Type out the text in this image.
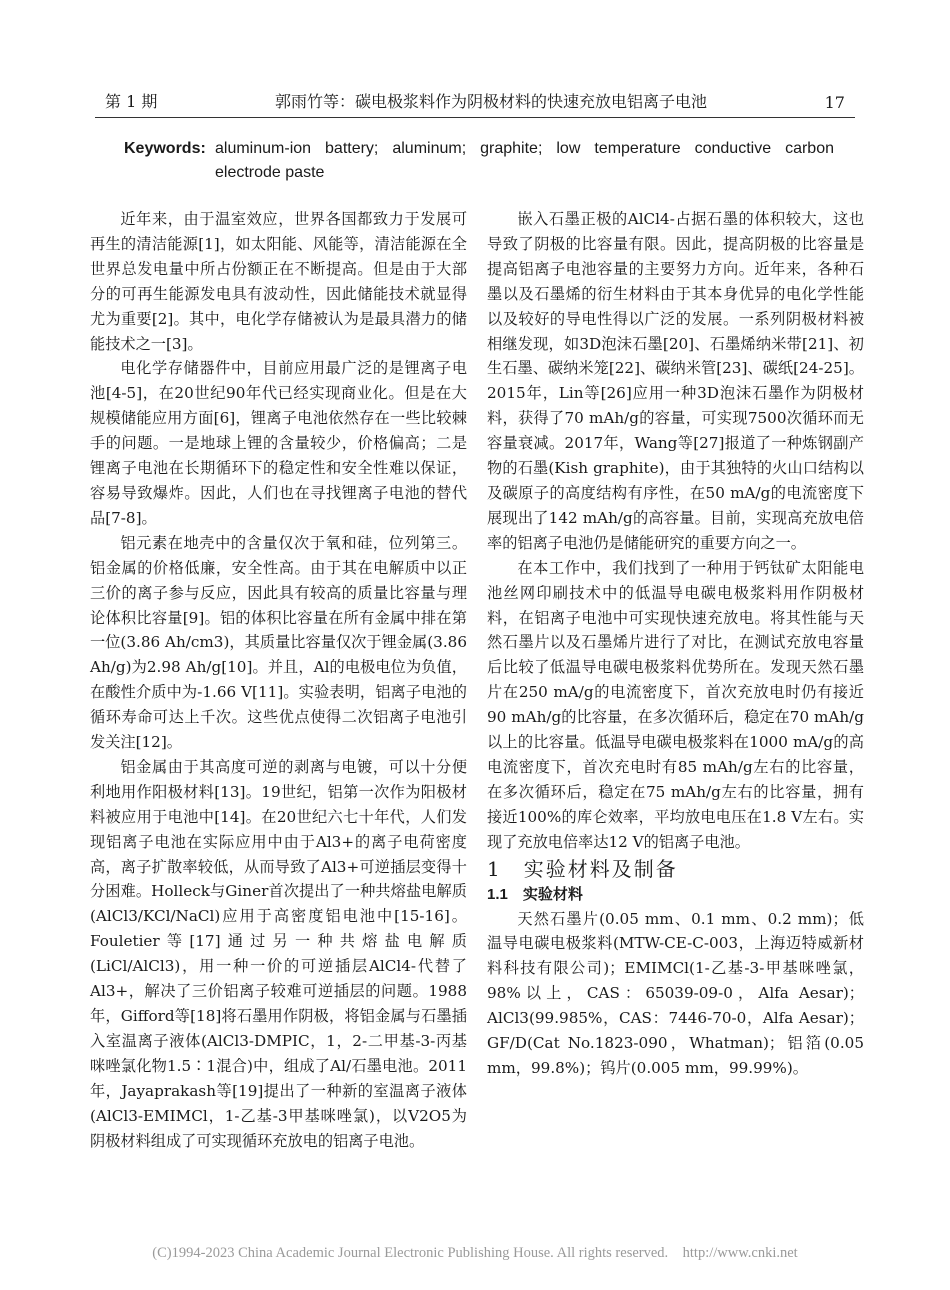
第 1 期	郭雨竹等：碳电极浆料作为阴极材料的快速充放电铝离子电池	17
Keywords: aluminum-ion battery; aluminum; graphite; low temperature conductive carbon electrode paste

近年来，由于温室效应，世界各国都致力于发展可再生的清洁能源[1]，如太阳能、风能等，清洁能源在全世界总发电量中所占份额正在不断提高。但是由于大部分的可再生能源发电具有波动性，因此储能技术就显得尤为重要[2]。其中，电化学存储被认为是最具潜力的储能技术之一[3]。

电化学存储器件中，目前应用最广泛的是锂离子电池[4-5]，在20世纪90年代已经实现商业化。但是在大规模储能应用方面[6]，锂离子电池依然存在一些比较棘手的问题。一是地球上锂的含量较少，价格偏高；二是锂离子电池在长期循环下的稳定性和安全性难以保证，容易导致爆炸。因此，人们也在寻找锂离子电池的替代品[7-8]。

铝元素在地壳中的含量仅次于氧和硅，位列第三。铝金属的价格低廉，安全性高。由于其在电解质中以正三价的离子参与反应，因此具有较高的质量比容量与理论体积比容量[9]。铝的体积比容量在所有金属中排在第一位(3.86 Ah/cm3)，其质量比容量仅次于锂金属(3.86 Ah/g)为2.98 Ah/g[10]。并且，Al的电极电位为负值，在酸性介质中为-1.66 V[11]。实验表明，铝离子电池的循环寿命可达上千次。这些优点使得二次铝离子电池引发关注[12]。

铝金属由于其高度可逆的剥离与电镀，可以十分便利地用作阳极材料[13]。19世纪，铝第一次作为阳极材料被应用于电池中[14]。在20世纪六七十年代，人们发现铝离子电池在实际应用中由于Al3+的离子电荷密度高，离子扩散率较低，从而导致了Al3+可逆插层变得十分困难。Holleck与Giner首次提出了一种共熔盐电解质(AlCl3/KCl/NaCl)应用于高密度铝电池中[15-16]。Fouletier等[17]通过另一种共熔盐电解质(LiCl/AlCl3)，用一种一价的可逆插层AlCl4-代替了Al3+，解决了三价铝离子较难可逆插层的问题。1988年，Gifford等[18]将石墨用作阴极，将铝金属与石墨插入室温离子液体(AlCl3-DMPIC，1，2-二甲基-3-丙基咪唑氯化物1.5∶1混合)中，组成了Al/石墨电池。2011年，Jayaprakash等[19]提出了一种新的室温离子液体(AlCl3-EMIMCl，1-乙基-3甲基咪唑氯)，以V2O5为阴极材料组成了可实现循环充放电的铝离子电池。

嵌入石墨正极的AlCl4-占据石墨的体积较大，这也导致了阴极的比容量有限。因此，提高阴极的比容量是提高铝离子电池容量的主要努力方向。近年来，各种石墨以及石墨烯的衍生材料由于其本身优异的电化学性能以及较好的导电性得以广泛的发展。一系列阴极材料被相继发现，如3D泡沫石墨[20]、石墨烯纳米带[21]、初生石墨、碳纳米笼[22]、碳纳米管[23]、碳纸[24-25]。2015年，Lin等[26]应用一种3D泡沫石墨作为阴极材料，获得了70 mAh/g的容量，可实现7500次循环而无容量衰减。2017年，Wang等[27]报道了一种炼钢副产物的石墨(Kish graphite)，由于其独特的火山口结构以及碳原子的高度结构有序性，在50 mA/g的电流密度下展现出了142 mAh/g的高容量。目前，实现高充放电倍率的铝离子电池仍是储能研究的重要方向之一。

在本工作中，我们找到了一种用于钙钛矿太阳能电池丝网印刷技术中的低温导电碳电极浆料用作阴极材料，在铝离子电池中可实现快速充放电。将其性能与天然石墨片以及石墨烯片进行了对比，在测试充放电容量后比较了低温导电碳电极浆料优势所在。发现天然石墨片在250 mA/g的电流密度下，首次充放电时仍有接近90 mAh/g的比容量，在多次循环后，稳定在70 mAh/g以上的比容量。低温导电碳电极浆料在1000 mA/g的高电流密度下，首次充电时有85 mAh/g左右的比容量，在多次循环后，稳定在75 mAh/g左右的比容量，拥有接近100%的库仑效率，平均放电电压在1.8 V左右。实现了充放电倍率达12 V的铝离子电池。

1　实验材料及制备

1.1　实验材料

天然石墨片(0.05 mm、0.1 mm、0.2 mm)；低温导电碳电极浆料(MTW-CE-C-003，上海迈特威新材料科技有限公司)；EMIMCl(1-乙基-3-甲基咪唑氯，98%以上，CAS：65039-09-0，Alfa Aesar)；AlCl3(99.985%，CAS：7446-70-0，Alfa Aesar)；GF/D(Cat No.1823-090，Whatman)；铝箔(0.05 mm，99.8%)；钨片(0.005 mm，99.99%)。

(C)1994-2023 China Academic Journal Electronic Publishing House. All rights reserved.　http://www.cnki.net
